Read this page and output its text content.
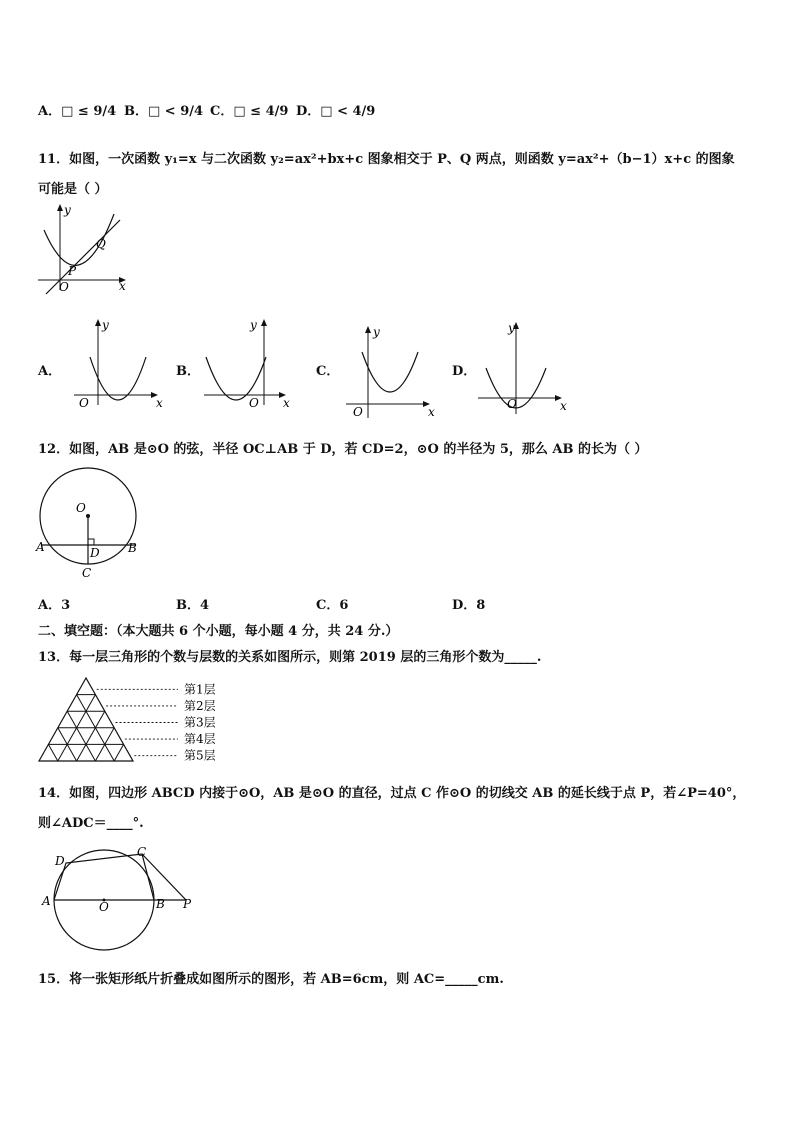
A．□ ≤ 9/4 B．□ < 9/4 C．□ ≤ 4/9 D．□ < 4/9
11．如图，一次函数 y₁=x 与二次函数 y₂=ax²+bx+c 图象相交于 P、Q 两点，则函数 y=ax²+（b−1）x+c 的图象
可能是（ ）
y
x
O
P
Q
A．
y
x
O
B．
y
x
O
C．
y
x
O
D．
y
x
O
12．如图，AB 是⊙O 的弦，半径 OC⊥AB 于 D，若 CD=2，⊙O 的半径为 5，那么 AB 的长为（ ）
O
A	B
C
D
A．3	B．4	C．6	D．8
二、填空题：（本大题共 6 个小题，每小题 4 分，共 24 分.）
13．每一层三角形的个数与层数的关系如图所示，则第 2019 层的三角形个数为_____.
第1层
第2层
第3层
第4层
第5层
14．如图，四边形 ABCD 内接于⊙O，AB 是⊙O 的直径，过点 C 作⊙O 的切线交 AB 的延长线于点 P，若∠P=40°，
则∠ADC＝____°.
A	B
C
D
O	P
15．将一张矩形纸片折叠成如图所示的图形，若 AB=6cm，则 AC=_____cm.
